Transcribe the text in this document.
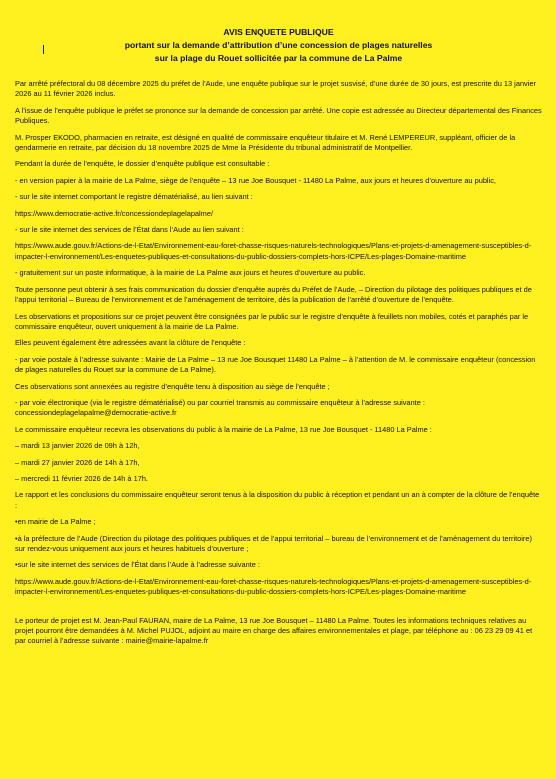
AVIS ENQUETE PUBLIQUE
portant sur la demande d’attribution d’une concession de plages naturelles
sur la plage du Rouet sollicitée par la commune de La Palme

Par arrêté préfectoral du 08 décembre 2025 du préfet de l’Aude, une enquête publique sur le projet susvisé, d’une durée de 30 jours, est prescrite du 13 janvier 2026 au 11 février 2026 inclus.

A l’issue de l’enquête publique le préfet se prononce sur la demande de concession par arrêté. Une copie est adressée au Directeur départemental des Finances Publiques.

M. Prosper EKODO, pharmacien en retraite, est désigné en qualité de commissaire enquêteur titulaire et M. René LEMPEREUR, suppléant, officier de la gendarmerie en retraite, par décision du 18 novembre 2025 de Mme la Présidente du tribunal administratif de Montpellier.

Pendant la durée de l’enquête, le dossier d’enquête publique est consultable :

- en version papier à la mairie de La Palme, siège de l’enquête – 13 rue Joe Bousquet - 11480 La Palme, aux jours et heures d’ouverture au public,

- sur le site internet comportant le registre dématérialisé, au lien suivant :

https://www.democratie-active.fr/concessiondeplagelapalme/

- sur le site internet des services de l’État dans l’Aude au lien suivant :

https://www.aude.gouv.fr/Actions-de-l-Etat/Environnement-eau-foret-chasse-risques-naturels-technologiques/Plans-et-projets-d-amenagement-susceptibles-d-impacter-l-environnement/Les-enquetes-publiques-et-consultations-du-public-dossiers-complets-hors-ICPE/Les-plages-Domaine-maritime

- gratuitement sur un poste informatique, à la mairie de La Palme aux jours et heures d’ouverture au public.

Toute personne peut obtenir à ses frais communication du dossier d’enquête auprès du Préfet de l’Aude, – Direction du pilotage des politiques publiques et de l’appui territorial – Bureau de l’environnement et de l’aménagement de territoire, dès la publication de l’arrêté d’ouverture de l’enquête.

Les observations et propositions sur ce projet peuvent être consignées par le public sur le registre d’enquête à feuillets non mobiles, cotés et paraphés par le commissaire enquêteur, ouvert uniquement à la mairie de La Palme.

Elles peuvent également être adressées avant la clôture de l’enquête :

- par voie postale à l’adresse suivante : Mairie de La Palme – 13 rue Joe Bousquet 11480 La Palme – à l’attention de M. le commissaire enquêteur (concession de plages naturelles du Rouet sur la commune de La Palme).

Ces observations sont annexées au registre d’enquête tenu à disposition au siège de l’enquête ;

- par voie électronique (via le registre dématérialisé) ou par courriel transmis au commissaire enquêteur à l’adresse suivante : concessiondeplagelapalme@democratie-active.fr

Le commissaire enquêteur recevra les observations du public à la mairie de La Palme, 13 rue Joe Bousquet - 11480 La Palme :

– mardi 13 janvier 2026 de 09h à 12h,

– mardi 27 janvier 2026 de 14h à 17h,

– mercredi 11 février 2026 de 14h à 17h.

Le rapport et les conclusions du commissaire enquêteur seront tenus à la disposition du public à réception et pendant un an à compter de la clôture de l’enquête :

•en mairie de La Palme ;

•à la préfecture de l’Aude (Direction du pilotage des politiques publiques et de l’appui territorial – bureau de l’environnement et de l’aménagement du territoire) sur rendez-vous uniquement aux jours et heures habituels d’ouverture ;

•sur le site internet des services de l’État dans l’Aude à l’adresse suivante :

https://www.aude.gouv.fr/Actions-de-l-Etat/Environnement-eau-foret-chasse-risques-naturels-technologiques/Plans-et-projets-d-amenagement-susceptibles-d-impacter-l-environnement/Les-enquetes-publiques-et-consultations-du-public-dossiers-complets-hors-ICPE/Les-plages-Domaine-maritime

Le porteur de projet est M. Jean-Paul FAURAN, maire de La Palme, 13 rue Joe Bousquet – 11480 La Palme. Toutes les informations techniques relatives au projet pourront être demandées à M. Michel PUJOL, adjoint au maire en charge des affaires environnementales et plage, par téléphone au : 06 23 29 09 41 et par courriel à l’adresse suivante : mairie@mairie-lapalme.fr
